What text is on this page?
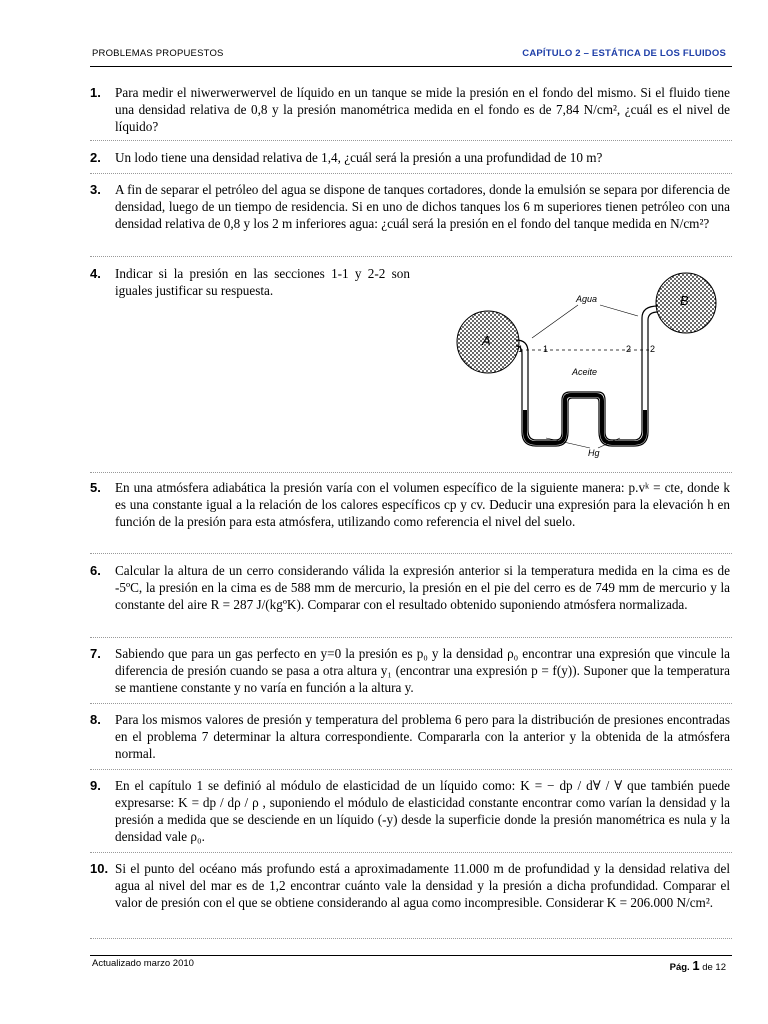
PROBLEMAS PROPUESTOS	CAPÍTULO 2 – ESTÁTICA DE LOS FLUIDOS
1. Para medir el niwerwerwervel de líquido en un tanque se mide la presión en el fondo del mismo. Si el fluido tiene una densidad relativa de 0,8 y la presión manométrica medida en el fondo es de 7,84 N/cm², ¿cuál es el nivel de líquido?
2. Un lodo tiene una densidad relativa de 1,4, ¿cuál será la presión a una profundidad de 10 m?
3. A fin de separar el petróleo del agua se dispone de tanques cortadores, donde la emulsión se separa por diferencia de densidad, luego de un tiempo de residencia. Si en uno de dichos tanques los 6 m superiores tienen petróleo con una densidad relativa de 0,8 y los 2 m inferiores agua: ¿cuál será la presión en el fondo del tanque medida en N/cm²?
4. Indicar si la presión en las secciones 1-1 y 2-2 son iguales justificar su respuesta.
A
B
1 1	2 2
Agua
Aceite
Hg
5. En una atmósfera adiabática la presión varía con el volumen específico de la siguiente manera: p.vᵏ = cte, donde k es una constante igual a la relación de los calores específicos cp y cv. Deducir una expresión para la elevación h en función de la presión para esta atmósfera, utilizando como referencia el nivel del suelo.
6. Calcular la altura de un cerro considerando válida la expresión anterior si la temperatura medida en la cima es de -5ºC, la presión en la cima es de 588 mm de mercurio, la presión en el pie del cerro es de 749 mm de mercurio y la constante del aire R = 287 J/(kgºK). Comparar con el resultado obtenido suponiendo atmósfera normalizada.
7. Sabiendo que para un gas perfecto en y=0 la presión es p₀ y la densidad ρ₀ encontrar una expresión que vincule la diferencia de presión cuando se pasa a otra altura y₁ (encontrar una expresión p = f(y)). Suponer que la temperatura se mantiene constante y no varía en función a la altura y.
8. Para los mismos valores de presión y temperatura del problema 6 pero para la distribución de presiones encontradas en el problema 7 determinar la altura correspondiente. Compararla con la anterior y la obtenida de la atmósfera normal.
9. En el capítulo 1 se definió al módulo de elasticidad de un líquido como: K = − dp / d∀ / ∀ que también puede expresarse: K = dp / dρ / ρ , suponiendo el módulo de elasticidad constante encontrar como varían la densidad y la presión a medida que se desciende en un líquido (-y) desde la superficie donde la presión manométrica es nula y la densidad vale ρ₀.
10. Si el punto del océano más profundo está a aproximadamente 11.000 m de profundidad y la densidad relativa del agua al nivel del mar es de 1,2 encontrar cuánto vale la densidad y la presión a dicha profundidad. Comparar el valor de presión con el que se obtiene considerando al agua como incompresible. Considerar K = 206.000 N/cm².
Actualizado marzo 2010	Pág. 1 de 12
